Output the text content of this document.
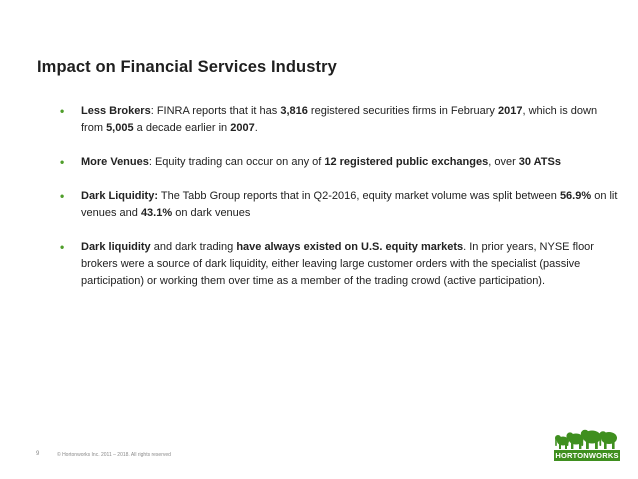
Impact on Financial Services Industry
• Less Brokers: FINRA reports that it has 3,816 registered securities firms in February 2017, which is down from 5,005 a decade earlier in 2007.
• More Venues: Equity trading can occur on any of 12 registered public exchanges, over 30 ATSs
• Dark Liquidity: The Tabb Group reports that in Q2-2016, equity market volume was split between 56.9% on lit venues and 43.1% on dark venues
• Dark liquidity and dark trading have always existed on U.S. equity markets. In prior years, NYSE floor brokers were a source of dark liquidity, either leaving large customer orders with the specialist (passive participation) or working them over time as a member of the trading crowd (active participation).
9	© Hortonworks Inc. 2011 – 2018. All rights reserved	HORTONWORKS
